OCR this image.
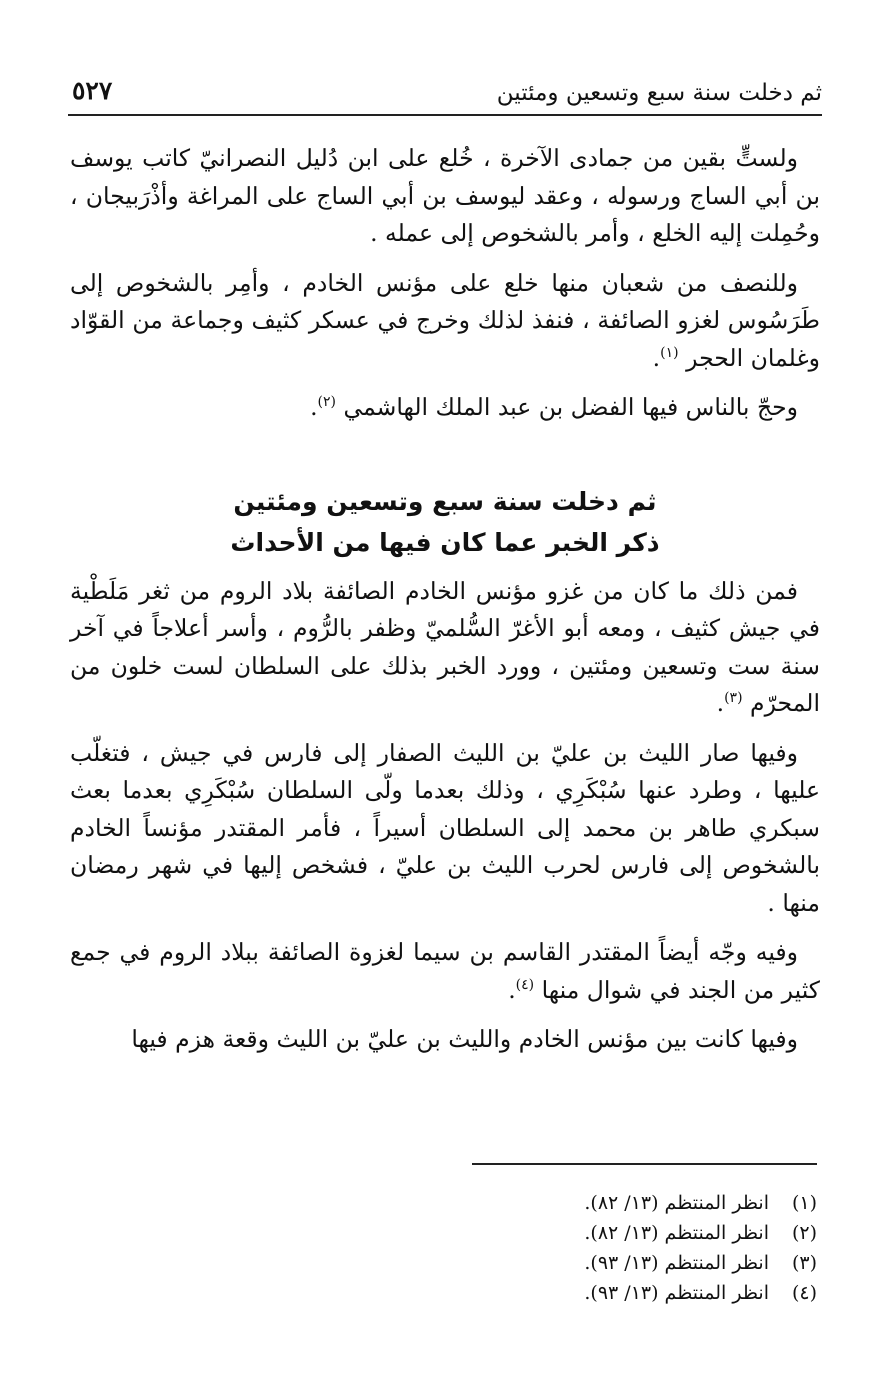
ثم دخلت سنة سبع وتسعين ومئتين
٥٢٧

ولستٍّ بقين من جمادى الآخرة ، خُلع على ابن دُليل النصرانيّ كاتب يوسف بن أبي الساج ورسوله ، وعقد ليوسف بن أبي الساج على المراغة وأذْرَبيجان ، وحُمِلت إليه الخلع ، وأمر بالشخوص إلى عمله .

وللنصف من شعبان منها خلع على مؤنس الخادم ، وأمِر بالشخوص إلى طَرَسُوس لغزو الصائفة ، فنفذ لذلك وخرج في عسكر كثيف وجماعة من القوّاد وغلمان الحجر $^{(١)}$.

وحجّ بالناس فيها الفضل بن عبد الملك الهاشمي $^{(٢)}$.

ثم دخلت سنة سبع وتسعين ومئتين

ذكر الخبر عما كان فيها من الأحداث

فمن ذلك ما كان من غزو مؤنس الخادم الصائفة بلاد الروم من ثغر مَلَطْية في جيش كثيف ، ومعه أبو الأغرّ السُّلميّ وظفر بالرُّوم ، وأسر أعلاجاً في آخر سنة ست وتسعين ومئتين ، وورد الخبر بذلك على السلطان لست خلون من المحرّم $^{(٣)}$.

وفيها صار الليث بن عليّ بن الليث الصفار إلى فارس في جيش ، فتغلّب عليها ، وطرد عنها سُبْكَرِي ، وذلك بعدما ولّى السلطان سُبْكَرِي بعدما بعث سبكري طاهر بن محمد إلى السلطان أسيراً ، فأمر المقتدر مؤنساً الخادم بالشخوص إلى فارس لحرب الليث بن عليّ ، فشخص إليها في شهر رمضان منها .

وفيه وجّه أيضاً المقتدر القاسم بن سيما لغزوة الصائفة ببلاد الروم في جمع كثير من الجند في شوال منها $^{(٤)}$.

وفيها كانت بين مؤنس الخادم والليث بن عليّ بن الليث وقعة هزم فيها

(١)
انظر المنتظم (١٣/ ٨٢).
(٢)
انظر المنتظم (١٣/ ٨٢).
(٣)
انظر المنتظم (١٣/ ٩٣).
(٤)
انظر المنتظم (١٣/ ٩٣).
